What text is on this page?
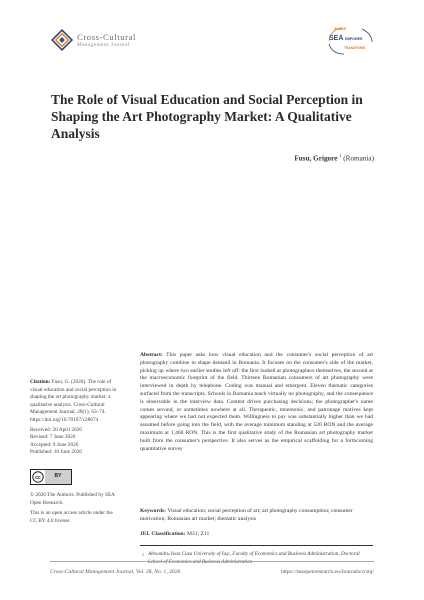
Cross-Cultural
Management Journal
SHARE
SEA EMPOWER
TRANSFORM
The Role of Visual Education and Social Perception in Shaping the Art Photography Market: A Qualitative Analysis
Fusu, Grigore $^1$ (Romania)

Citation: Fusu, G. (2026). The role of visual education and social perception in shaping the art photography market: a qualitative analysis. Cross-Cultural Management Journal, 28(1), 63–74. https://doi.org/10.70167/c28674

Received: 26 April 2026
Revised: 7 June 2026
Accepted: 9 June 2026
Published: 10 June 2026
cc	BY
© 2026 The Authors. Published by SEA Open Research.
This is an open access article under the CC BY 4.0 license.

Abstract: This paper asks how visual education and the consumer's social perception of art photography combine to shape demand in Romania. It focuses on the consumer's side of the market, picking up where two earlier studies left off: the first looked at photographers themselves, the second at the macroeconomic footprint of the field. Thirteen Romanian consumers of art photography were interviewed in depth by telephone. Coding was manual and emergent. Eleven thematic categories surfaced from the transcripts. Schools in Romania teach virtually no photography, and the consequence is observable in the interview data. Content drives purchasing decisions; the photographer's name comes second, or sometimes nowhere at all. Therapeutic, mnemonic, and patronage motives kept appearing where we had not expected them. Willingness to pay was substantially higher than we had assumed before going into the field, with the average minimum standing at 520 RON and the average maximum at 1,460 RON. This is the first qualitative study of the Romanian art photography market built from the consumer's perspective. It also serves as the empirical scaffolding for a forthcoming quantitative survey

Keywords: Visual education; social perception of art; art photography consumption; consumer motivation; Romanian art market; thematic analysis

JEL Classification: M31; Z11

1 Alexandru Ioan Cuza University of Iași, Faculty of Economics and Business Administration, Doctoral School of Economics and Business Administration

Cross-Cultural Management Journal, Vol. 28, No. 1, 2026	https://seaopenresearch.eu/Journals/ccmj/
